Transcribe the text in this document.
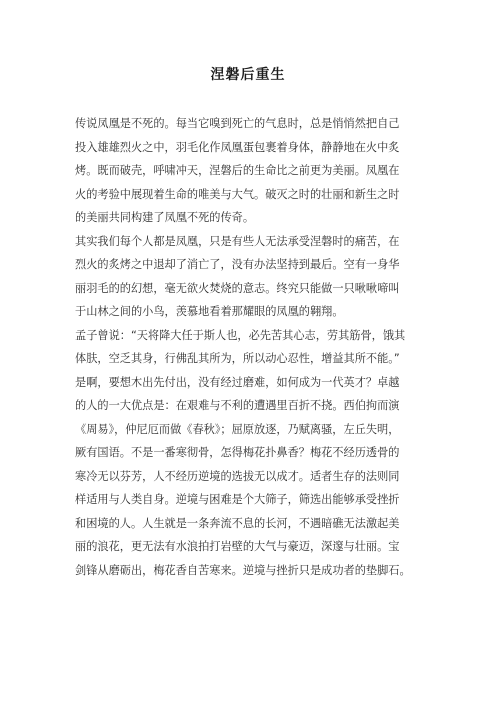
涅磐后重生
传说凤凰是不死的。每当它嗅到死亡的气息时，总是悄悄然把自己
投入雄雄烈火之中，羽毛化作凤凰蛋包裹着身体，静静地在火中炙
烤。既而破壳，呼啸冲天，涅磐后的生命比之前更为美丽。凤凰在
火的考验中展现着生命的唯美与大气。破灭之时的壮丽和新生之时
的美丽共同构建了凤凰不死的传奇。
其实我们每个人都是凤凰，只是有些人无法承受涅磐时的痛苦，在
烈火的炙烤之中退却了消亡了，没有办法坚持到最后。空有一身华
丽羽毛的的幻想，毫无欲火焚烧的意志。终究只能做一只啾啾啼叫
于山林之间的小鸟，羡慕地看着那耀眼的凤凰的翱翔。
孟子曾说：“天将降大任于斯人也，必先苦其心志，劳其筋骨，饿其
体肤，空乏其身，行佛乱其所为，所以动心忍性，增益其所不能。”
是啊，要想木出先付出，没有经过磨难，如何成为一代英才？卓越
的人的一大优点是：在艰难与不利的遭遇里百折不挠。西伯拘而演
《周易》，仲尼厄而做《春秋》；屈原放逐，乃赋离骚，左丘失明，
厥有国语。不是一番寒彻骨，怎得梅花扑鼻香？梅花不经历透骨的
寒冷无以芬芳，人不经历逆境的选拔无以成才。适者生存的法则同
样适用与人类自身。逆境与困难是个大筛子，筛选出能够承受挫折
和困境的人。人生就是一条奔流不息的长河，不遇暗礁无法激起美
丽的浪花，更无法有水浪拍打岩壁的大气与豪迈，深邃与壮丽。宝
剑锋从磨砺出，梅花香自苦寒来。逆境与挫折只是成功者的垫脚石。
